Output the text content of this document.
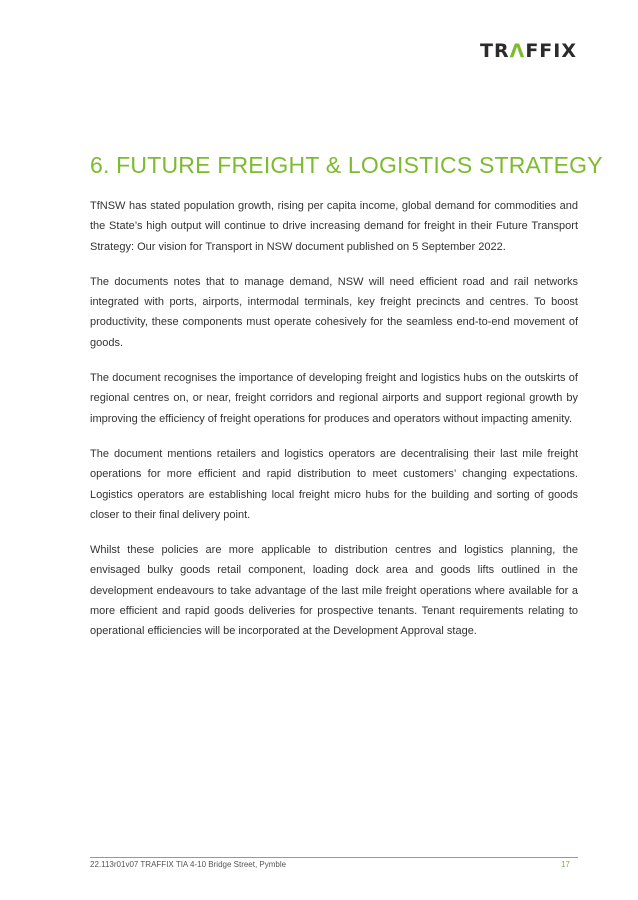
TRΛFFIX
6. FUTURE FREIGHT & LOGISTICS STRATEGY

TfNSW has stated population growth, rising per capita income, global demand for commodities and the State’s high output will continue to drive increasing demand for freight in their Future Transport Strategy: Our vision for Transport in NSW document published on 5 September 2022.

The documents notes that to manage demand, NSW will need efficient road and rail networks integrated with ports, airports, intermodal terminals, key freight precincts and centres. To boost productivity, these components must operate cohesively for the seamless end-to-end movement of goods.

The document recognises the importance of developing freight and logistics hubs on the outskirts of regional centres on, or near, freight corridors and regional airports and support regional growth by improving the efficiency of freight operations for produces and operators without impacting amenity.

The document mentions retailers and logistics operators are decentralising their last mile freight operations for more efficient and rapid distribution to meet customers’ changing expectations. Logistics operators are establishing local freight micro hubs for the building and sorting of goods closer to their final delivery point.

Whilst these policies are more applicable to distribution centres and logistics planning, the envisaged bulky goods retail component, loading dock area and goods lifts outlined in the development endeavours to take advantage of the last mile freight operations where available for a more efficient and rapid goods deliveries for prospective tenants. Tenant requirements relating to operational efficiencies will be incorporated at the Development Approval stage.

22.113r01v07 TRAFFIX TIA 4-10 Bridge Street, Pymble	17
